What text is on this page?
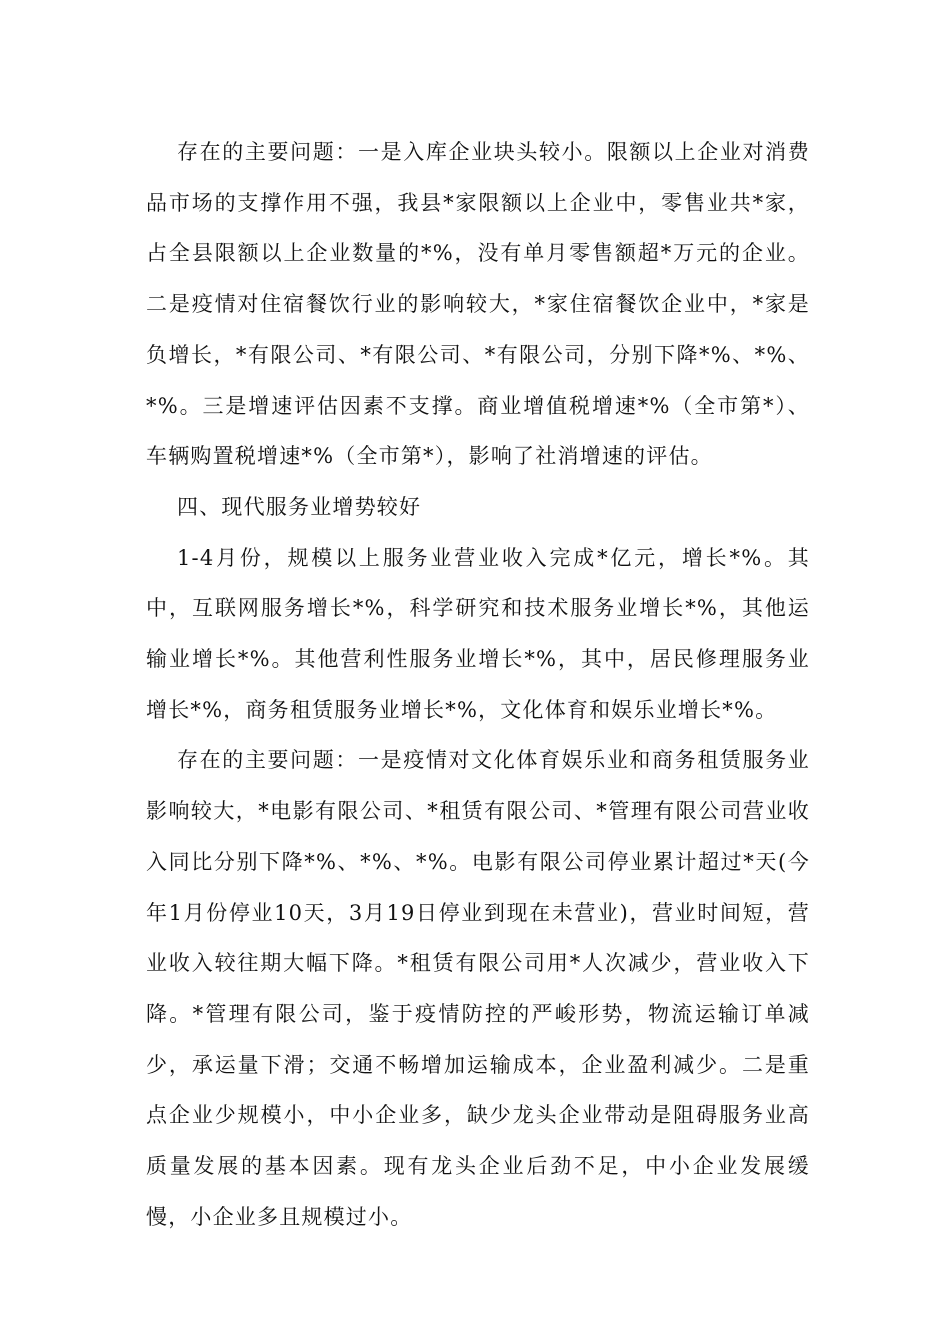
存在的主要问题：一是入库企业块头较小。限额以上企业对消费品市场的支撑作用不强，我县*家限额以上企业中，零售业共*家，占全县限额以上企业数量的*%，没有单月零售额超*万元的企业。二是疫情对住宿餐饮行业的影响较大，*家住宿餐饮企业中，*家是负增长，*有限公司、*有限公司、*有限公司，分别下降*%、*%、*%。三是增速评估因素不支撑。商业增值税增速*%（全市第*）、车辆购置税增速*%（全市第*），影响了社消增速的评估。

四、现代服务业增势较好

1-4月份，规模以上服务业营业收入完成*亿元，增长*%。其中，互联网服务增长*%，科学研究和技术服务业增长*%，其他运输业增长*%。其他营利性服务业增长*%，其中，居民修理服务业增长*%，商务租赁服务业增长*%，文化体育和娱乐业增长*%。

存在的主要问题：一是疫情对文化体育娱乐业和商务租赁服务业影响较大，*电影有限公司、*租赁有限公司、*管理有限公司营业收入同比分别下降*%、*%、*%。电影有限公司停业累计超过*天(今年1月份停业10天，3月19日停业到现在未营业)，营业时间短，营业收入较往期大幅下降。*租赁有限公司用*人次减少，营业收入下降。*管理有限公司，鉴于疫情防控的严峻形势，物流运输订单减少，承运量下滑；交通不畅增加运输成本，企业盈利减少。二是重点企业少规模小，中小企业多，缺少龙头企业带动是阻碍服务业高质量发展的基本因素。现有龙头企业后劲不足，中小企业发展缓慢，小企业多且规模过小。
